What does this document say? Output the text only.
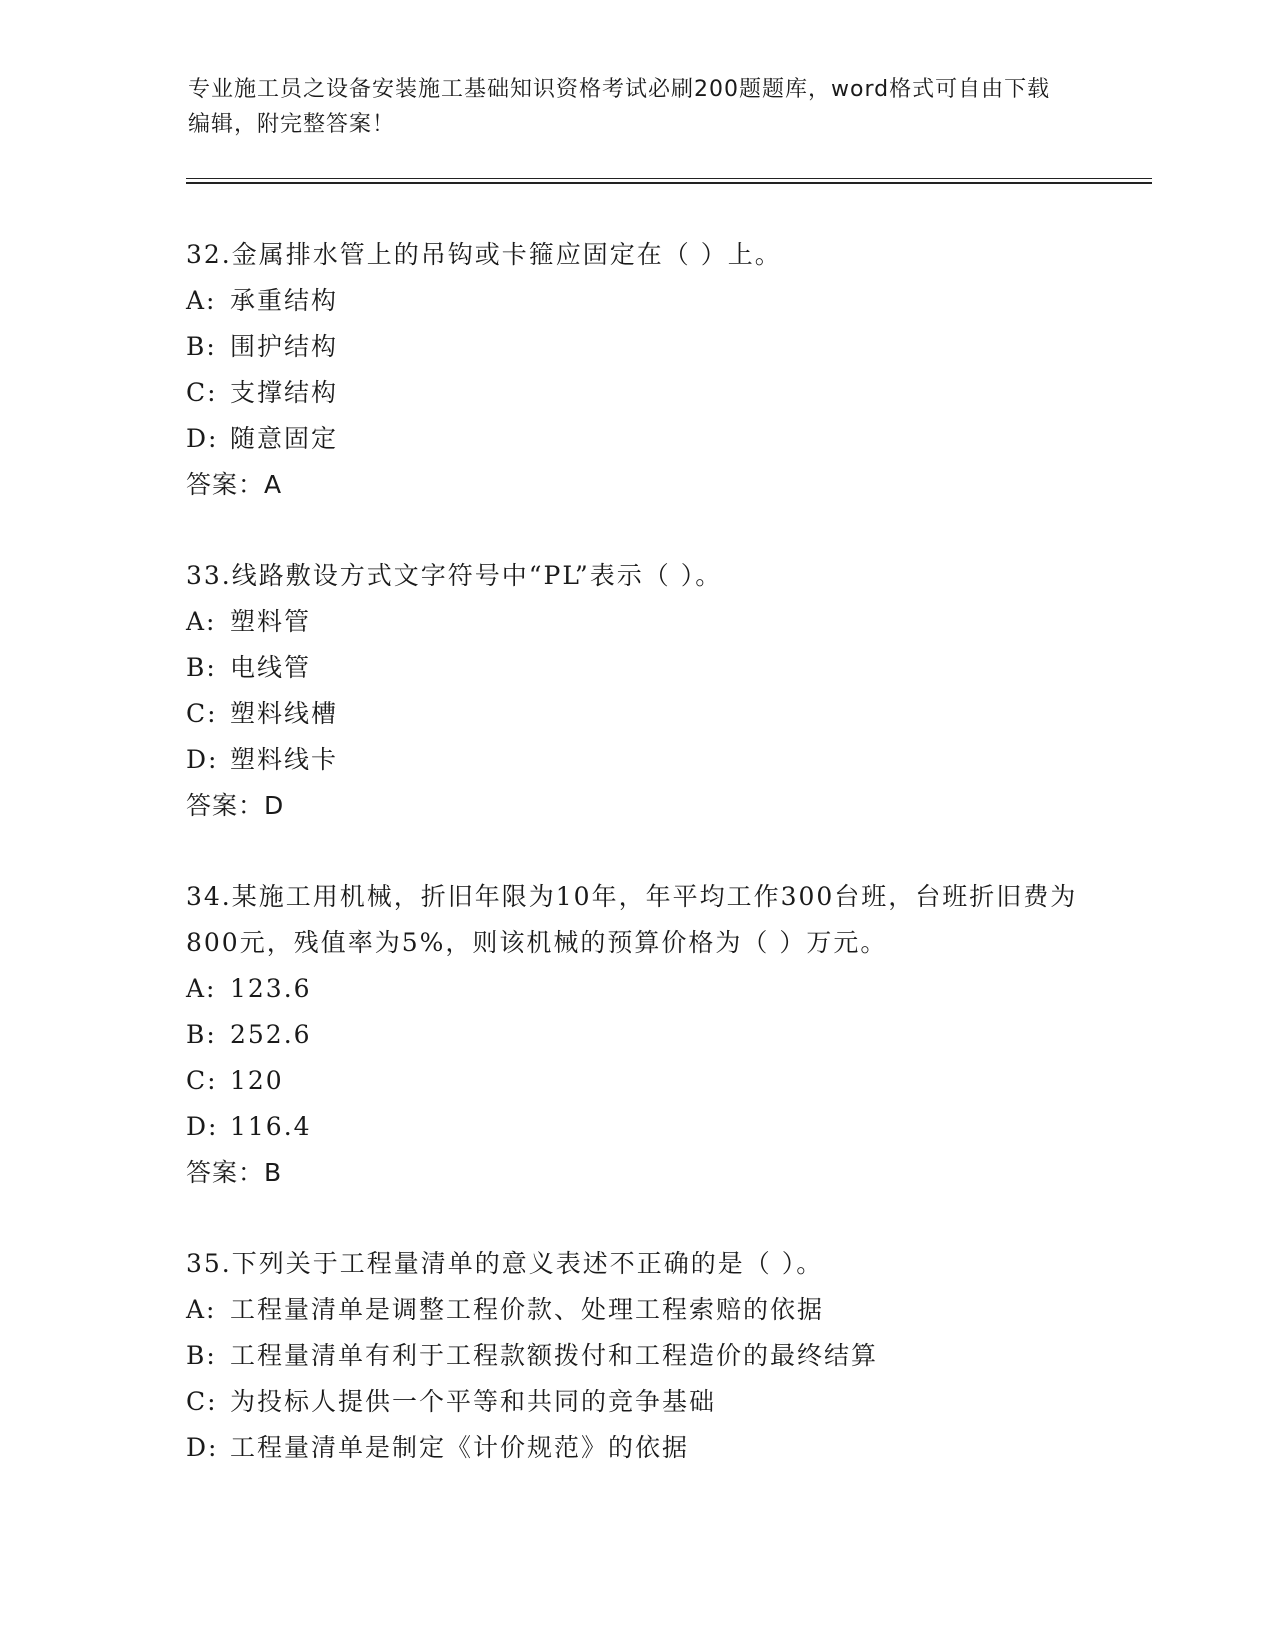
专业施工员之设备安装施工基础知识资格考试必刷200题题库，word格式可自由下载编辑，附完整答案！

32.金属排水管上的吊钩或卡箍应固定在（ ）上。

A: 承重结构

B: 围护结构

C: 支撑结构

D: 随意固定

答案：A

33.线路敷设方式文字符号中“PL”表示（ ）。

A: 塑料管

B: 电线管

C: 塑料线槽

D: 塑料线卡

答案：D

34.某施工用机械，折旧年限为10年，年平均工作300台班，台班折旧费为800元，残值率为5%，则该机械的预算价格为（ ）万元。

A: 123.6

B: 252.6

C: 120

D: 116.4

答案：B

35.下列关于工程量清单的意义表述不正确的是（ ）。

A: 工程量清单是调整工程价款、处理工程索赔的依据

B: 工程量清单有利于工程款额拨付和工程造价的最终结算

C: 为投标人提供一个平等和共同的竞争基础

D: 工程量清单是制定《计价规范》的依据
